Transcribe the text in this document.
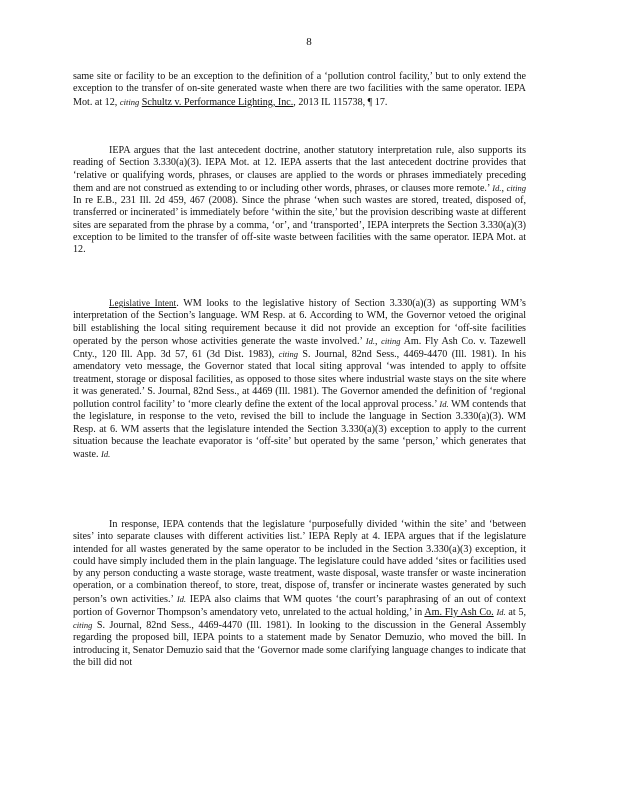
8

same site or facility to be an exception to the definition of a ‘pollution control facility,’ but to only extend the exception to the transfer of on-site generated waste when there are two facilities with the same operator. IEPA Mot. at 12, citing Schultz v. Performance Lighting, Inc., 2013 IL 115738, ¶ 17.

IEPA argues that the last antecedent doctrine, another statutory interpretation rule, also supports its reading of Section 3.330(a)(3). IEPA Mot. at 12. IEPA asserts that the last antecedent doctrine provides that ‘relative or qualifying words, phrases, or clauses are applied to the words or phrases immediately preceding them and are not construed as extending to or including other words, phrases, or clauses more remote.’ Id., citing In re E.B., 231 Ill. 2d 459, 467 (2008). Since the phrase ‘when such wastes are stored, treated, disposed of, transferred or incinerated’ is immediately before ‘within the site,’ but the provision describing waste at different sites are separated from the phrase by a comma, ‘or’, and ‘transported’, IEPA interprets the Section 3.330(a)(3) exception to be limited to the transfer of off-site waste between facilities with the same operator. IEPA Mot. at 12.

Legislative Intent. WM looks to the legislative history of Section 3.330(a)(3) as supporting WM’s interpretation of the Section’s language. WM Resp. at 6. According to WM, the Governor vetoed the original bill establishing the local siting requirement because it did not provide an exception for ‘off-site facilities operated by the person whose activities generate the waste involved.’ Id., citing Am. Fly Ash Co. v. Tazewell Cnty., 120 Ill. App. 3d 57, 61 (3d Dist. 1983), citing S. Journal, 82nd Sess., 4469-4470 (Ill. 1981). In his amendatory veto message, the Governor stated that local siting approval ‘was intended to apply to offsite treatment, storage or disposal facilities, as opposed to those sites where industrial waste stays on the site where it was generated.’ S. Journal, 82nd Sess., at 4469 (Ill. 1981). The Governor amended the definition of ‘regional pollution control facility’ to ‘more clearly define the extent of the local approval process.’ Id. WM contends that the legislature, in response to the veto, revised the bill to include the language in Section 3.330(a)(3). WM Resp. at 6. WM asserts that the legislature intended the Section 3.330(a)(3) exception to apply to the current situation because the leachate evaporator is ‘off-site’ but operated by the same ‘person,’ which generates that waste. Id.

In response, IEPA contends that the legislature ‘purposefully divided ‘within the site’ and ‘between sites’ into separate clauses with different activities list.’ IEPA Reply at 4. IEPA argues that if the legislature intended for all wastes generated by the same operator to be included in the Section 3.330(a)(3) exception, it could have simply included them in the plain language. The legislature could have added ‘sites or facilities used by any person conducting a waste storage, waste treatment, waste disposal, waste transfer or waste incineration operation, or a combination thereof, to store, treat, dispose of, transfer or incinerate wastes generated by such person’s own activities.’ Id. IEPA also claims that WM quotes ‘the court’s paraphrasing of an out of context portion of Governor Thompson’s amendatory veto, unrelated to the actual holding,’ in Am. Fly Ash Co. Id. at 5, citing S. Journal, 82nd Sess., 4469-4470 (Ill. 1981). In looking to the discussion in the General Assembly regarding the proposed bill, IEPA points to a statement made by Senator Demuzio, who moved the bill. In introducing it, Senator Demuzio said that the ‘Governor made some clarifying language changes to indicate that the bill did not
